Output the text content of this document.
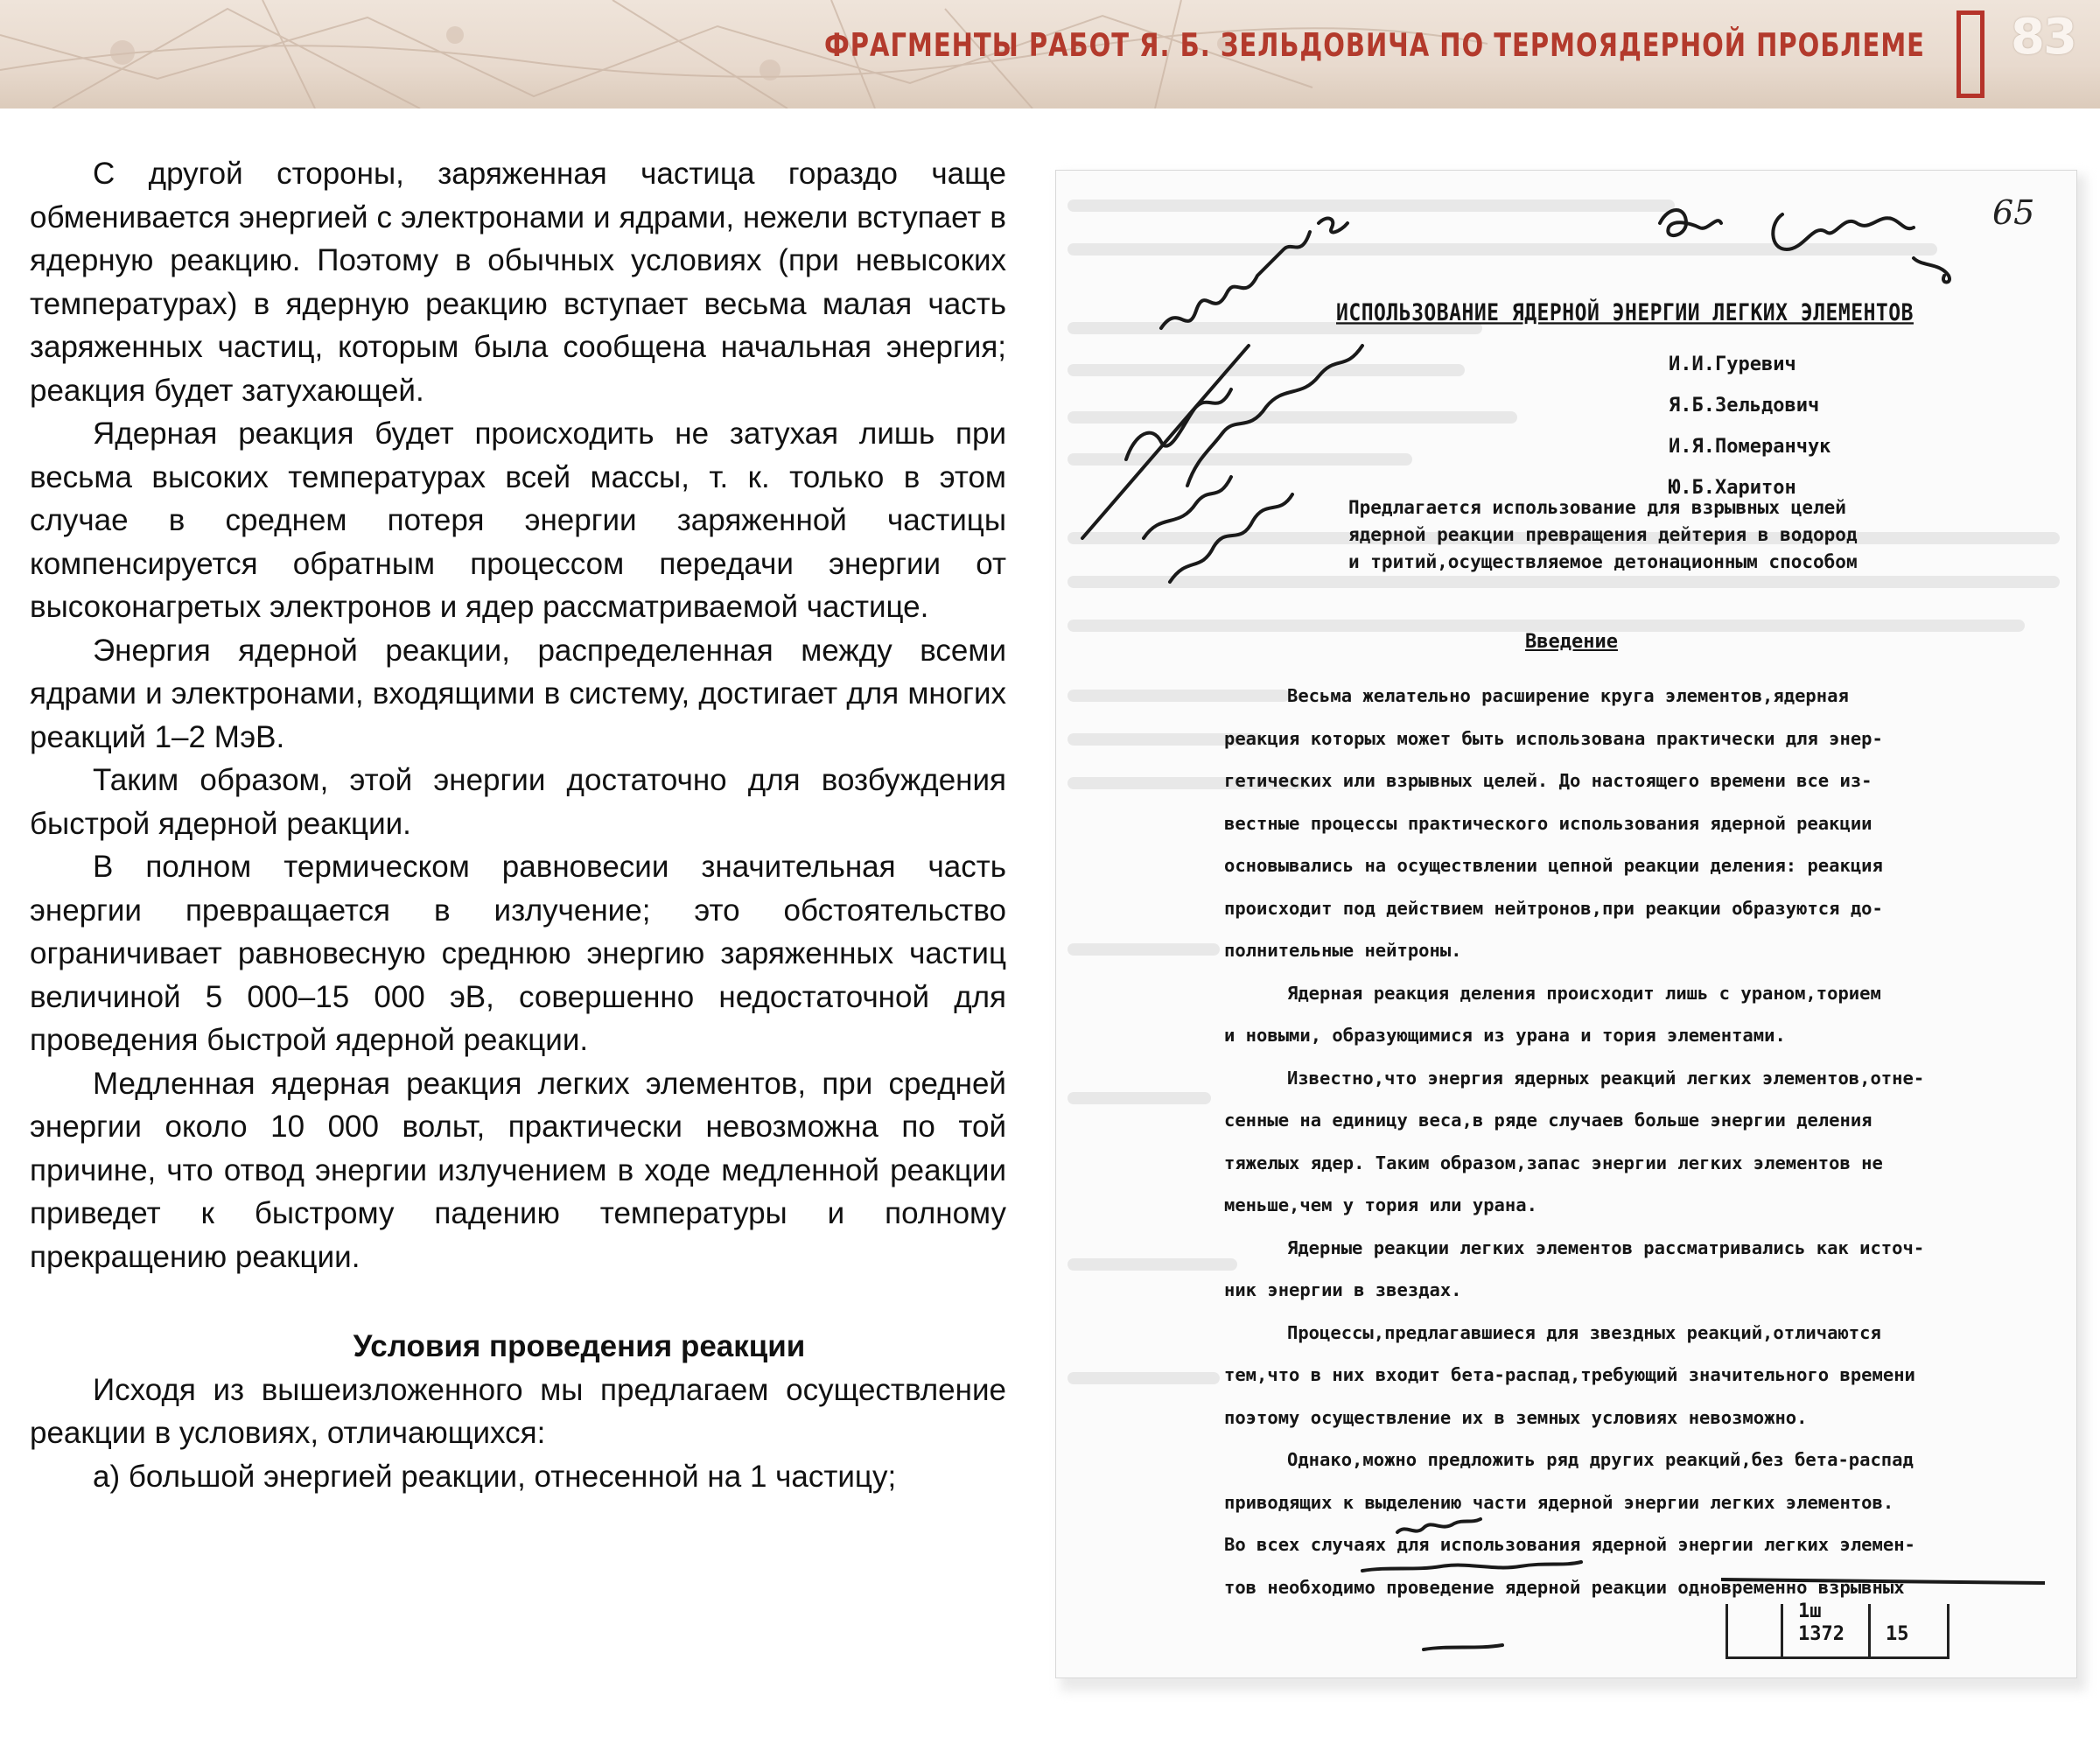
ФРАГМЕНТЫ РАБОТ Я. Б. ЗЕЛЬДОВИЧА ПО ТЕРМОЯДЕРНОЙ ПРОБЛЕМЕ 83

С другой стороны, заряженная частица гораздо чаще обменивается энергией с электронами и ядрами, нежели вступает в ядерную реакцию. Поэтому в обычных условиях (при невысоких температурах) в ядерную реакцию вступает весьма малая часть заряженных частиц, которым была сообщена начальная энергия; реакция будет затухающей.

Ядерная реакция будет происходить не затухая лишь при весьма высоких температурах всей массы, т. к. только в этом случае в среднем потеря энергии заряженной частицы компенсируется обратным процессом передачи энергии от высоконагретых электронов и ядер рассматриваемой частице.

Энергия ядерной реакции, распределенная между всеми ядрами и электронами, входящими в систему, достигает для многих реакций 1–2 МэВ.

Таким образом, этой энергии достаточно для возбуждения быстрой ядерной реакции.

В полном термическом равновесии значительная часть энергии превращается в излучение; это обстоятельство ограничивает равновесную среднюю энергию заряженных частиц величиной 5 000–15 000 эВ, совершенно недостаточной для проведения быстрой ядерной реакции.

Медленная ядерная реакция легких элементов, при средней энергии около 10 000 вольт, практически невозможна по той причине, что отвод энергии излучением в ходе медленной реакции приведет к быстрому падению температуры и полному прекращению реакции.

Условия проведения реакции

Исходя из вышеизложенного мы предлагаем осуществление реакции в условиях, отличающихся:

а) большой энергией реакции, отнесенной на 1 частицу;

65
ИСПОЛЬЗОВАНИЕ ЯДЕРНОЙ ЭНЕРГИИ ЛЕГКИХ ЭЛЕМЕНТОВ
И.И.Гуревич
Я.Б.Зельдович
И.Я.Померанчук
Ю.Б.Харитон
Предлагается использование для взрывных целей
ядерной реакции превращения дейтерия в водород
и тритий,осуществляемое детонационным способом
Введение
Весьма желательно расширение круга элементов,ядерная
реакция которых может быть использована практически для энер-
гетических или взрывных целей. До настоящего времени все из-
вестные процессы практического использования ядерной реакции
основывались на осуществлении цепной реакции деления: реакция
происходит под действием нейтронов,при реакции образуются до-
полнительные нейтроны.
Ядерная реакция деления происходит лишь с ураном,торием
и новыми, образующимися из урана и тория элементами.
Известно,что энергия ядерных реакций легких элементов,отне-
сенные на единицу веса,в ряде случаев больше энергии деления
тяжелых ядер. Таким образом,запас энергии легких элементов не
меньше,чем у тория или урана.
Ядерные реакции легких элементов рассматривались как источ-
ник энергии в звездах.
Процессы,предлагавшиеся для звездных реакций,отличаются
тем,что в них входит бета-распад,требующий значительного времени
поэтому осуществление их в земных условиях невозможно.
Однако,можно предложить ряд других реакций,без бета-распад
приводящих к выделению части ядерной энергии легких элементов.
Во всех случаях для использования ядерной энергии легких элемен-
тов необходимо проведение ядерной реакции одновременно взрывных
1ш
1372 15
